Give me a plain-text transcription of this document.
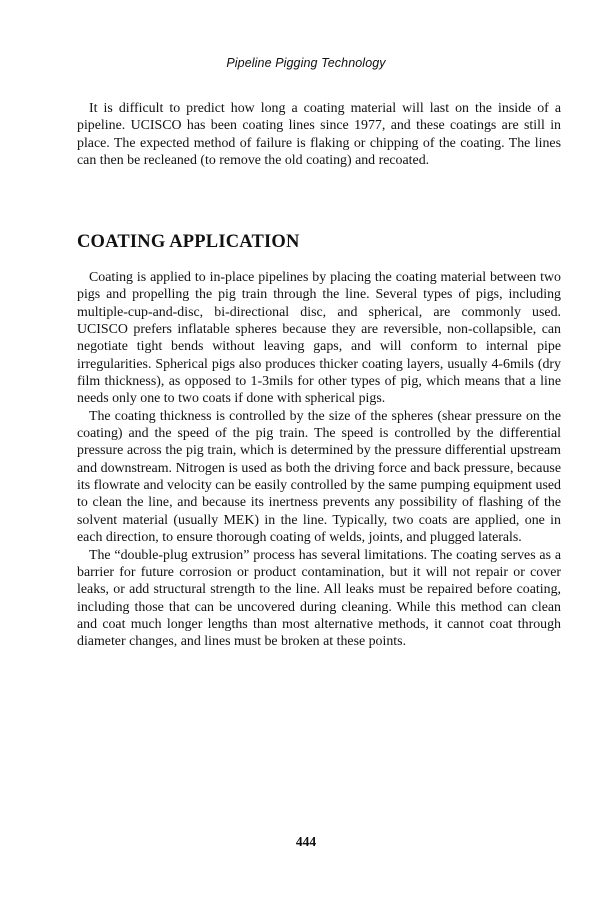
Pipeline Pigging Technology

It is difficult to predict how long a coating material will last on the inside of a pipeline. UCISCO has been coating lines since 1977, and these coatings are still in place. The expected method of failure is flaking or chipping of the coating. The lines can then be recleaned (to remove the old coating) and recoated.

COATING APPLICATION

Coating is applied to in-place pipelines by placing the coating material between two pigs and propelling the pig train through the line. Several types of pigs, including multiple-cup-and-disc, bi-directional disc, and spherical, are commonly used. UCISCO prefers inflatable spheres because they are reversible, non-collapsible, can negotiate tight bends without leaving gaps, and will conform to internal pipe irregularities. Spherical pigs also produces thicker coating layers, usually 4-6mils (dry film thickness), as opposed to 1-3mils for other types of pig, which means that a line needs only one to two coats if done with spherical pigs.

The coating thickness is controlled by the size of the spheres (shear pressure on the coating) and the speed of the pig train. The speed is controlled by the differential pressure across the pig train, which is determined by the pressure differential upstream and downstream. Nitrogen is used as both the driving force and back pressure, because its flowrate and velocity can be easily controlled by the same pumping equipment used to clean the line, and because its inertness prevents any possibility of flashing of the solvent material (usually MEK) in the line. Typically, two coats are applied, one in each direction, to ensure thorough coating of welds, joints, and plugged laterals.

The “double-plug extrusion” process has several limitations. The coating serves as a barrier for future corrosion or product contamination, but it will not repair or cover leaks, or add structural strength to the line. All leaks must be repaired before coating, including those that can be uncovered during cleaning. While this method can clean and coat much longer lengths than most alternative methods, it cannot coat through diameter changes, and lines must be broken at these points.

444
